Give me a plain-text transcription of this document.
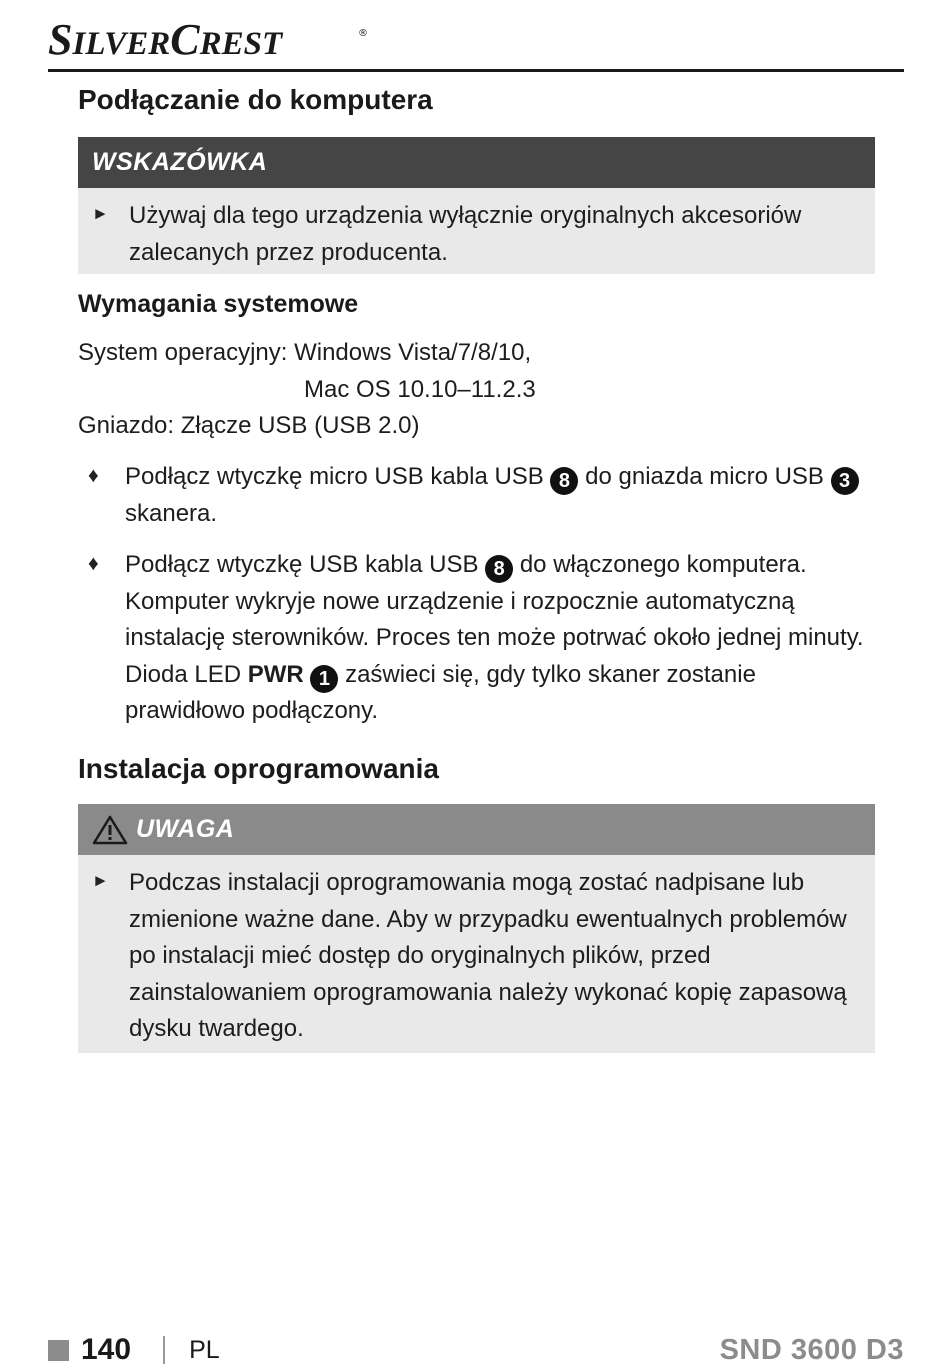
SILVERCREST	®
Podłączanie do komputera
WSKAZÓWKA
► Używaj dla tego urządzenia wyłącznie oryginalnych akcesoriów zalecanych przez producenta.
Wymagania systemowe
System operacyjny:
Windows Vista/7/8/10,
Mac OS 10.10–11.2.3
Gniazdo:
Złącze USB (USB 2.0)
♦	Podłącz wtyczkę micro USB kabla USB 8 do gniazda micro USB 3 skanera.
♦	Podłącz wtyczkę USB kabla USB 8 do włączonego komputera. Komputer wykryje nowe urządzenie i rozpocznie automatyczną instalację sterowników. Proces ten może potrwać około jednej minuty. Dioda LED PWR 1 zaświeci się, gdy tylko skaner zostanie prawidłowo podłączony.
Instalacja oprogramowania
UWAGA
► Podczas instalacji oprogramowania mogą zostać nadpisane lub zmienione ważne dane. Aby w przypadku ewentualnych problemów po instalacji mieć dostęp do oryginalnych plików, przed zainstalowaniem oprogramowania należy wykonać kopię zapasową dysku twardego.
140 PL	SND 3600 D3
